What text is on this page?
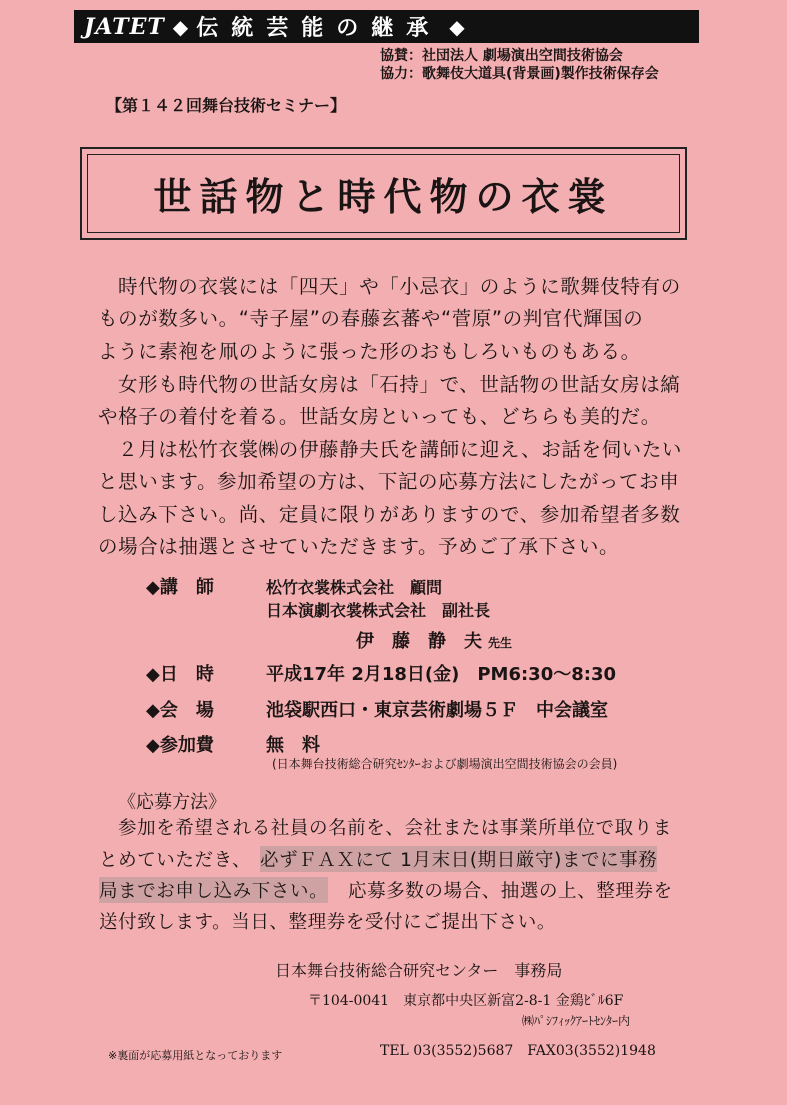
JATET ◆ 伝統芸能の継承 ◆
協賛：社団法人 劇場演出空間技術協会
協力：歌舞伎大道具(背景画)製作技術保存会
【第１４２回舞台技術セミナー】
世話物と時代物の衣裳
時代物の衣裳には「四天」や「小忌衣」のように歌舞伎特有の
ものが数多い。“寺子屋”の春藤玄蕃や“菅原”の判官代輝国の
ように素袍を凧のように張った形のおもしろいものもある。
女形も時代物の世話女房は「石持」で、世話物の世話女房は縞
や格子の着付を着る。世話女房といっても、どちらも美的だ。
２月は松竹衣裳㈱の伊藤静夫氏を講師に迎え、お話を伺いたい
と思います。参加希望の方は、下記の応募方法にしたがってお申
し込み下さい。尚、定員に限りがありますので、参加希望者多数
の場合は抽選とさせていただきます。予めご了承下さい。
◆講　師	松竹衣裳株式会社　顧問
日本演劇衣裳株式会社　副社長
伊　藤　静　夫 先生
◆日　時	平成17年 2月18日(金)　PM6:30～8:30
◆会　場	池袋駅西口・東京芸術劇場５Ｆ　中会議室
◆参加費	無　料
(日本舞台技術総合研究ｾﾝﾀｰおよび劇場演出空間技術協会の会員)
《応募方法》
参加を希望される社員の名前を、会社または事業所単位で取りま
とめていただき、 必ずＦＡＸにて 1月末日(期日厳守)までに事務
局までお申し込み下さい。 応募多数の場合、抽選の上、整理券を
送付致します。当日、整理券を受付にご提出下さい。
日本舞台技術総合研究センター　事務局
〒104-0041　東京都中央区新富2-8-1 金鶏ﾋﾞﾙ6F
㈱ﾊﾟｼﾌｨｯｸｱｰﾄｾﾝﾀｰ内
TEL 03(3552)5687　FAX03(3552)1948
※裏面が応募用紙となっております
